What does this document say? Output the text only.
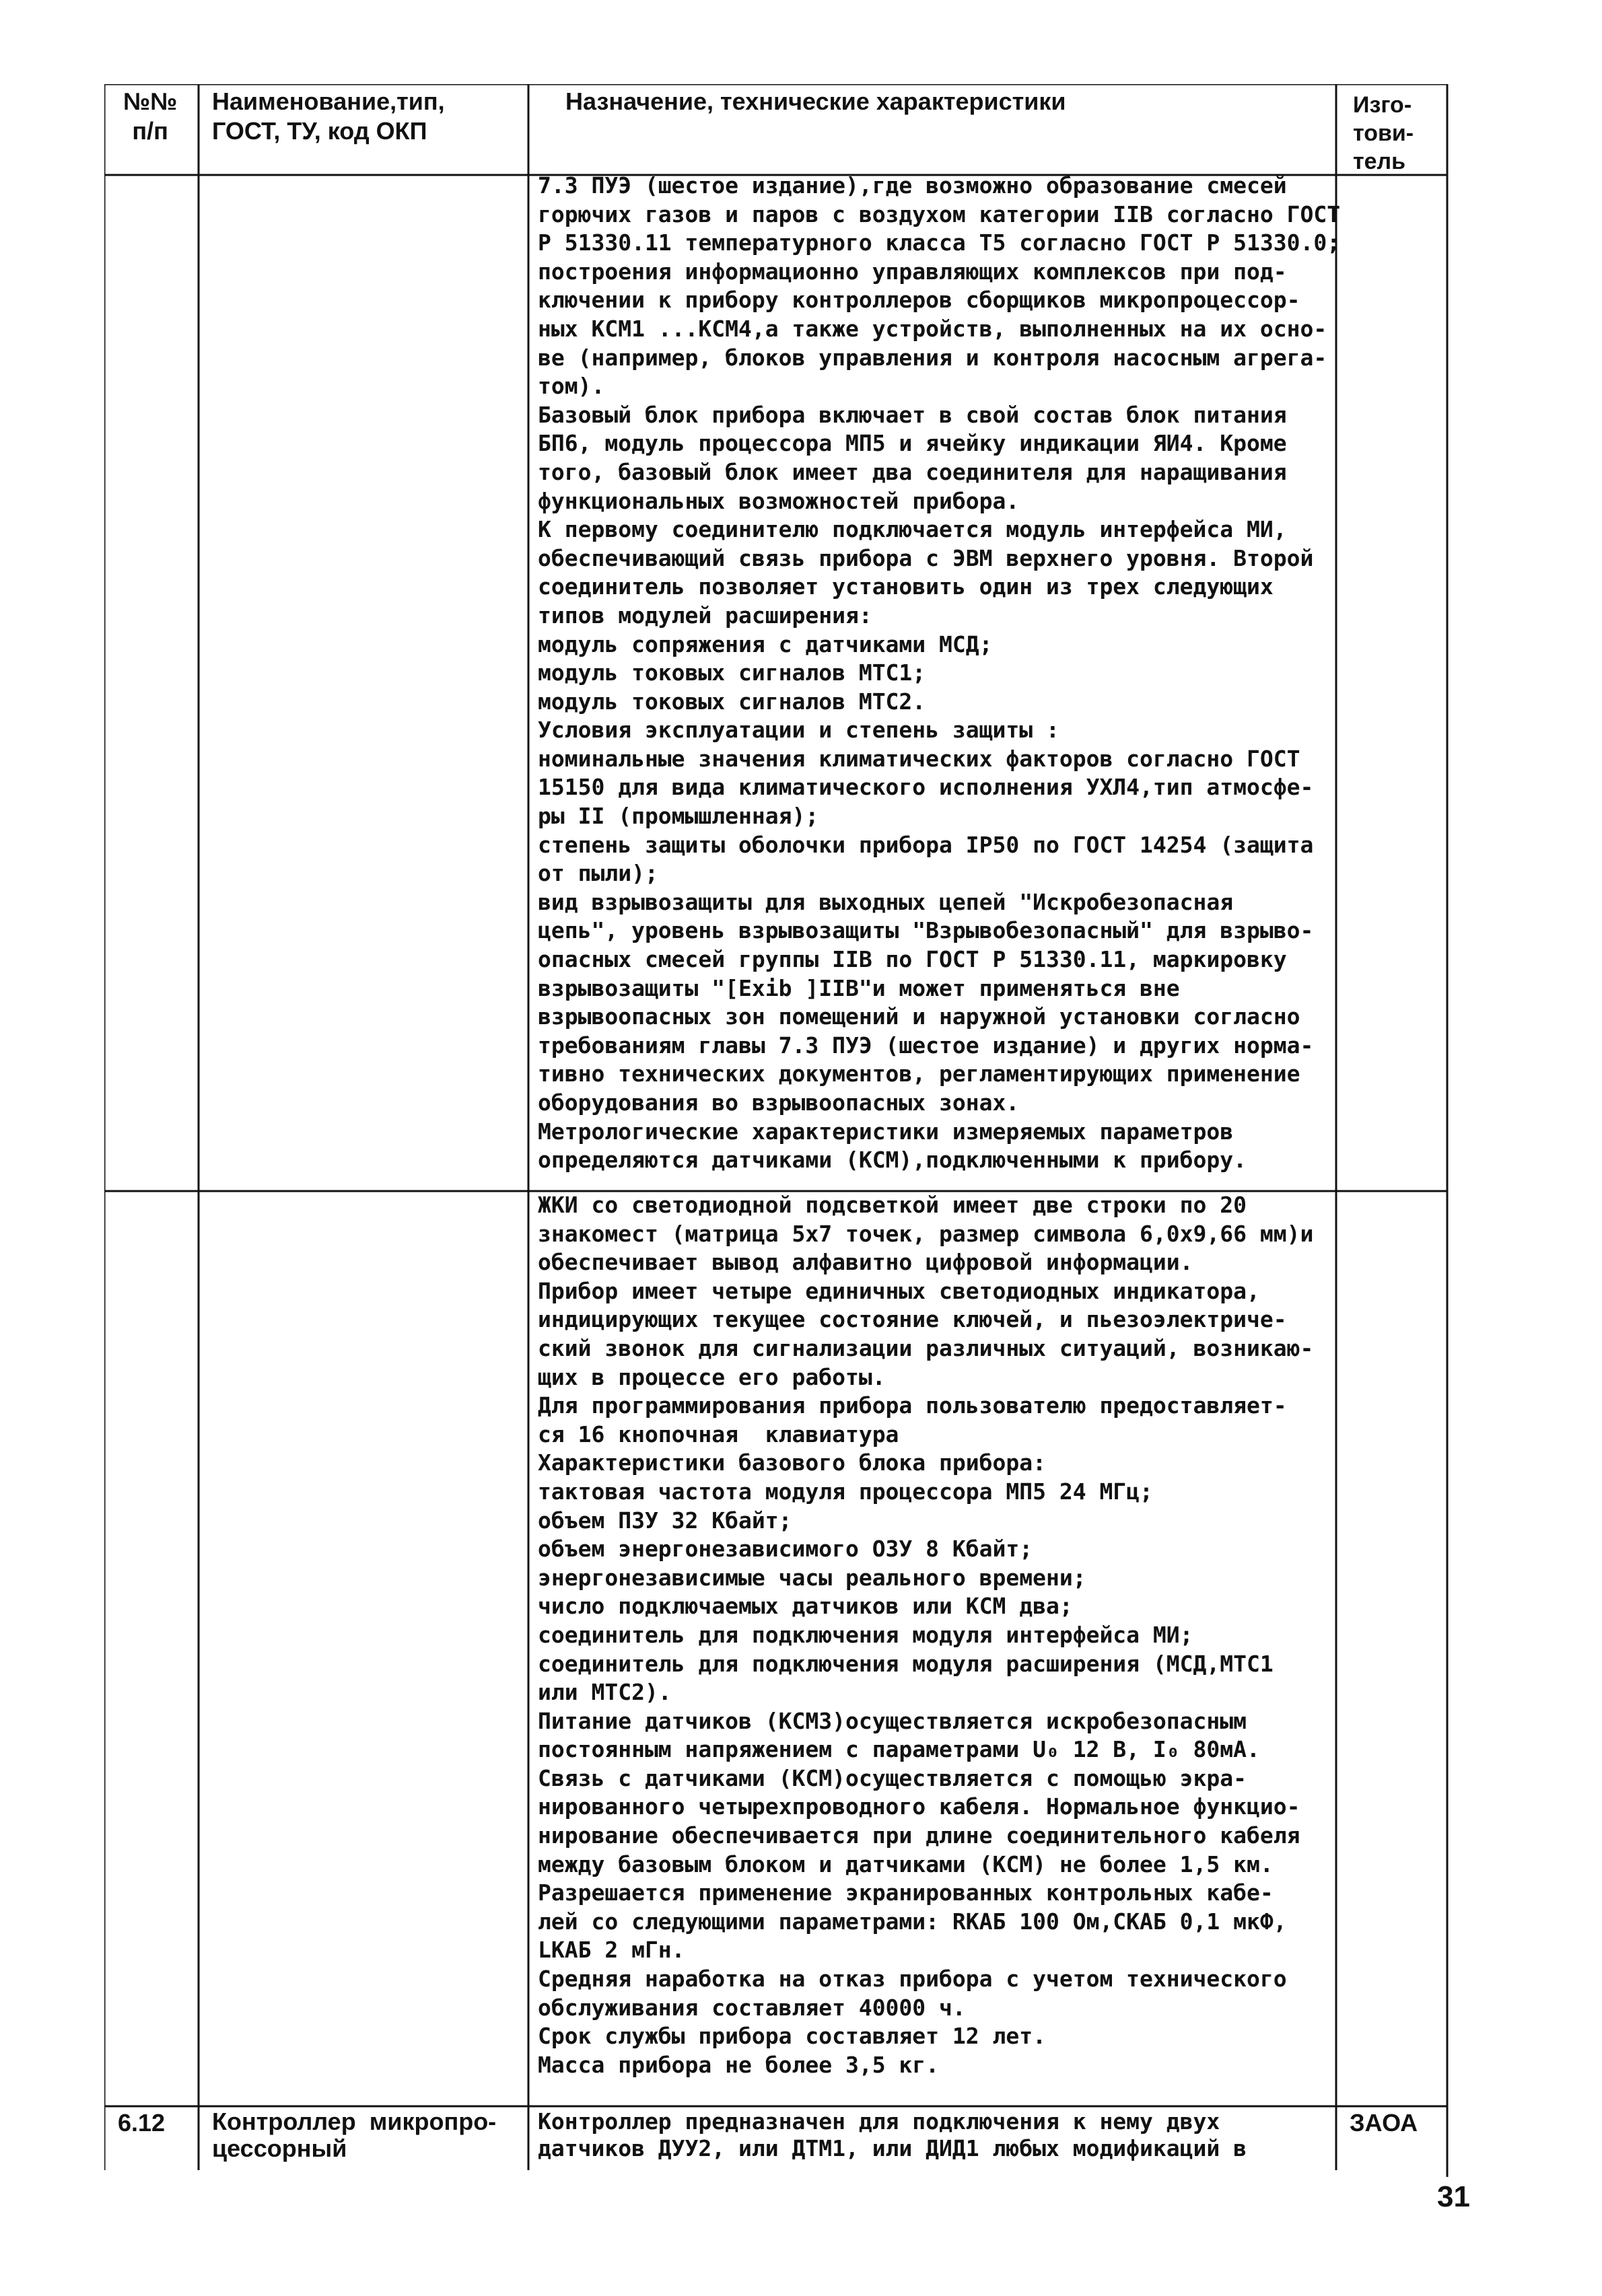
№№
п/п
Наименование,тип,
ГОСТ, ТУ, код ОКП
Назначение, технические характеристики	Изго-
тови-
тель
7.3 ПУЭ (шестое издание),где возможно образование смесей
горючих газов и паров с воздухом категории IIВ согласно ГОСТ
Р 51330.11 температурного класса Т5 согласно ГОСТ Р 51330.0;
построения информационно управляющих комплексов при под-
ключении к прибору контроллеров сборщиков микропроцессор-
ных КСМ1 ...КСМ4,а также устройств, выполненных на их осно-
ве (например, блоков управления и контроля насосным агрега-
том).
Базовый блок прибора включает в свой состав блок питания
БП6, модуль процессора МП5 и ячейку индикации ЯИ4. Кроме
того, базовый блок имеет два соединителя для наращивания
функциональных возможностей прибора.
К первому соединителю подключается модуль интерфейса МИ,
обеспечивающий связь прибора с ЭВМ верхнего уровня. Второй
соединитель позволяет установить один из трех следующих
типов модулей расширения:
модуль сопряжения с датчиками МСД;
модуль токовых сигналов МТС1;
модуль токовых сигналов МТС2.
Условия эксплуатации и степень защиты :
номинальные значения климатических факторов согласно ГОСТ
15150 для вида климатического исполнения УХЛ4,тип атмосфе-
ры II (промышленная);
степень защиты оболочки прибора IP50 по ГОСТ 14254 (защита
от пыли);
вид взрывозащиты для выходных цепей "Искробезопасная
цепь", уровень взрывозащиты "Взрывобезопасный" для взрыво-
опасных смесей группы IIВ по ГОСТ Р 51330.11, маркировку
взрывозащиты "[Exib ]IIB"и может применяться вне
взрывоопасных зон помещений и наружной установки согласно
требованиям главы 7.3 ПУЭ (шестое издание) и других норма-
тивно технических документов, регламентирующих применение
оборудования во взрывоопасных зонах.
Метрологические характеристики измеряемых параметров
определяются датчиками (КСМ),подключенными к прибору.
ЖКИ со светодиодной подсветкой имеет две строки по 20
знакомест (матрица 5х7 точек, размер символа 6,0х9,66 мм)и
обеспечивает вывод алфавитно цифровой информации.
Прибор имеет четыре единичных светодиодных индикатора,
индицирующих текущее состояние ключей, и пьезоэлектриче-
ский звонок для сигнализации различных ситуаций, возникаю-
щих в процессе его работы.
Для программирования прибора пользователю предоставляет-
ся 16 кнопочная  клавиатура
Характеристики базового блока прибора:
тактовая частота модуля процессора МП5 24 МГц;
объем ПЗУ 32 Кбайт;
объем энергонезависимого ОЗУ 8 Кбайт;
энергонезависимые часы реального времени;
число подключаемых датчиков или КСМ два;
соединитель для подключения модуля интерфейса МИ;
соединитель для подключения модуля расширения (МСД,МТС1
или МТС2).
Питание датчиков (КСМ3)осуществляется искробезопасным
постоянным напряжением с параметрами U₀ 12 В, I₀ 80мА.
Связь с датчиками (КСМ)осуществляется с помощью экра-
нированного четырехпроводного кабеля. Нормальное функцио-
нирование обеспечивается при длине соединительного кабеля
между базовым блоком и датчиками (КСМ) не более 1,5 км.
Разрешается применение экранированных контрольных кабе-
лей со следующими параметрами: RКАБ 100 Ом,CКАБ 0,1 мкФ,
LКАБ 2 мГн.
Средняя наработка на отказ прибора с учетом технического
обслуживания составляет 40000 ч.
Срок службы прибора составляет 12 лет.
Масса прибора не более 3,5 кг.
6.12 Контроллер  микропро-
цессорный
Контроллер предназначен для подключения к нему двух
датчиков ДУУ2, или ДТМ1, или ДИД1 любых модификаций в
ЗАОА
31
